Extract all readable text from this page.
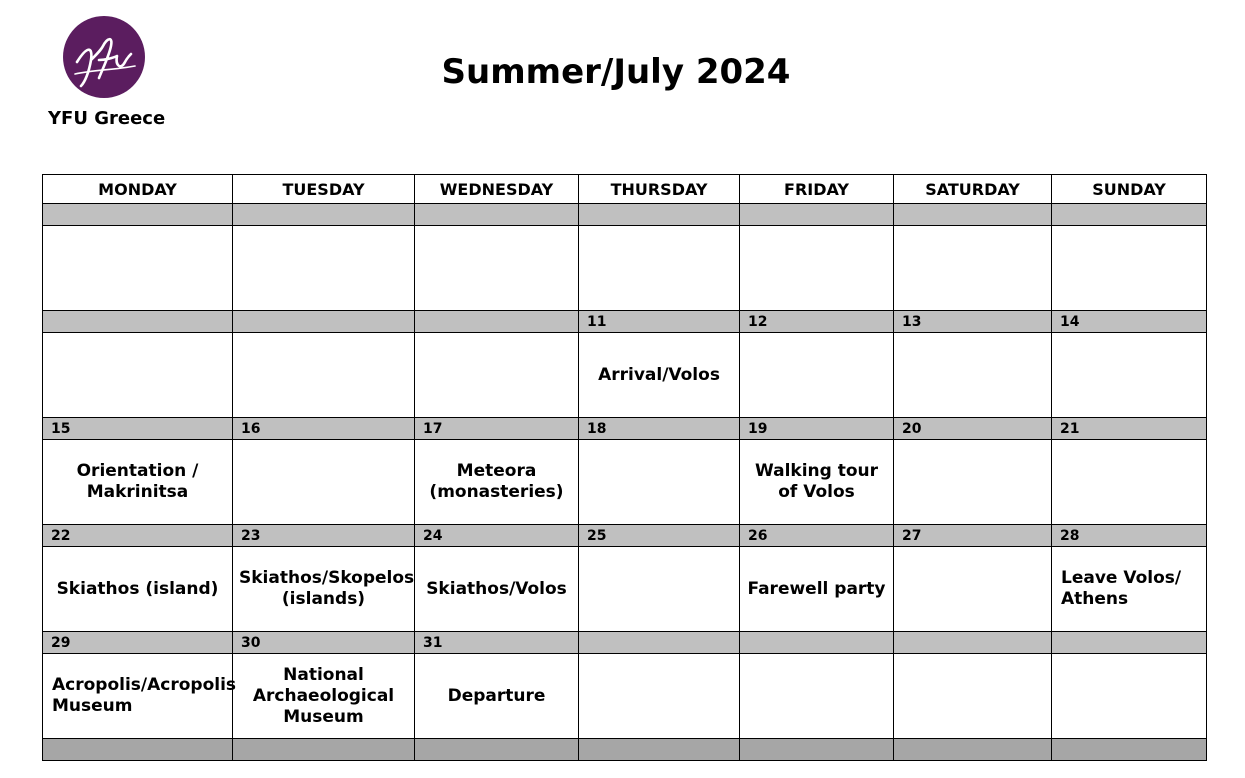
YFU Greece
Summer/July 2024
MONDAY	TUESDAY	WEDNESDAY	THURSDAY	FRIDAY	SATURDAY	SUNDAY

			11	12	13	14
			Arrival/Volos			
15	16	17	18	19	20	21
Orientation / Makrinitsa		Meteora (monasteries)		Walking tour of Volos		
22	23	24	25	26	27	28
Skiathos (island)	Skiathos/Skopelos (islands)	Skiathos/Volos		Farewell party		Leave Volos/ Athens
29	30	31				
Acropolis/Acropolis Museum	National Archaeological Museum	Departure				
